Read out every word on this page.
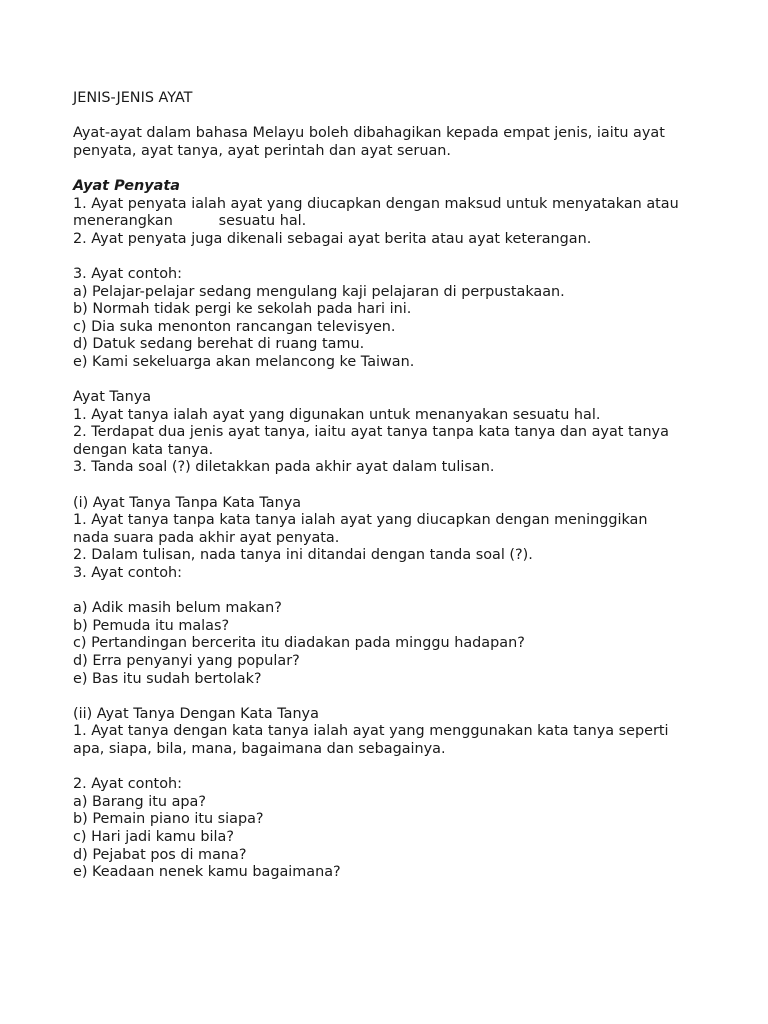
JENIS-JENIS AYAT
Ayat-ayat dalam bahasa Melayu boleh dibahagikan kepada empat jenis, iaitu ayat
penyata, ayat tanya, ayat perintah dan ayat seruan.
Ayat Penyata
1. Ayat penyata ialah ayat yang diucapkan dengan maksud untuk menyatakan atau
menerangkan          sesuatu hal.
2. Ayat penyata juga dikenali sebagai ayat berita atau ayat keterangan.
3. Ayat contoh:
a) Pelajar-pelajar sedang mengulang kaji pelajaran di perpustakaan.
b) Normah tidak pergi ke sekolah pada hari ini.
c) Dia suka menonton rancangan televisyen.
d) Datuk sedang berehat di ruang tamu.
e) Kami sekeluarga akan melancong ke Taiwan.
Ayat Tanya
1. Ayat tanya ialah ayat yang digunakan untuk menanyakan sesuatu hal.
2. Terdapat dua jenis ayat tanya, iaitu ayat tanya tanpa kata tanya dan ayat tanya
dengan kata tanya.
3. Tanda soal (?) diletakkan pada akhir ayat dalam tulisan.
(i) Ayat Tanya Tanpa Kata Tanya
1. Ayat tanya tanpa kata tanya ialah ayat yang diucapkan dengan meninggikan
nada suara pada akhir ayat penyata.
2. Dalam tulisan, nada tanya ini ditandai dengan tanda soal (?).
3. Ayat contoh:
a) Adik masih belum makan?
b) Pemuda itu malas?
c) Pertandingan bercerita itu diadakan pada minggu hadapan?
d) Erra penyanyi yang popular?
e) Bas itu sudah bertolak?
(ii) Ayat Tanya Dengan Kata Tanya
1. Ayat tanya dengan kata tanya ialah ayat yang menggunakan kata tanya seperti
apa, siapa, bila, mana, bagaimana dan sebagainya.
2. Ayat contoh:
a) Barang itu apa?
b) Pemain piano itu siapa?
c) Hari jadi kamu bila?
d) Pejabat pos di mana?
e) Keadaan nenek kamu bagaimana?
